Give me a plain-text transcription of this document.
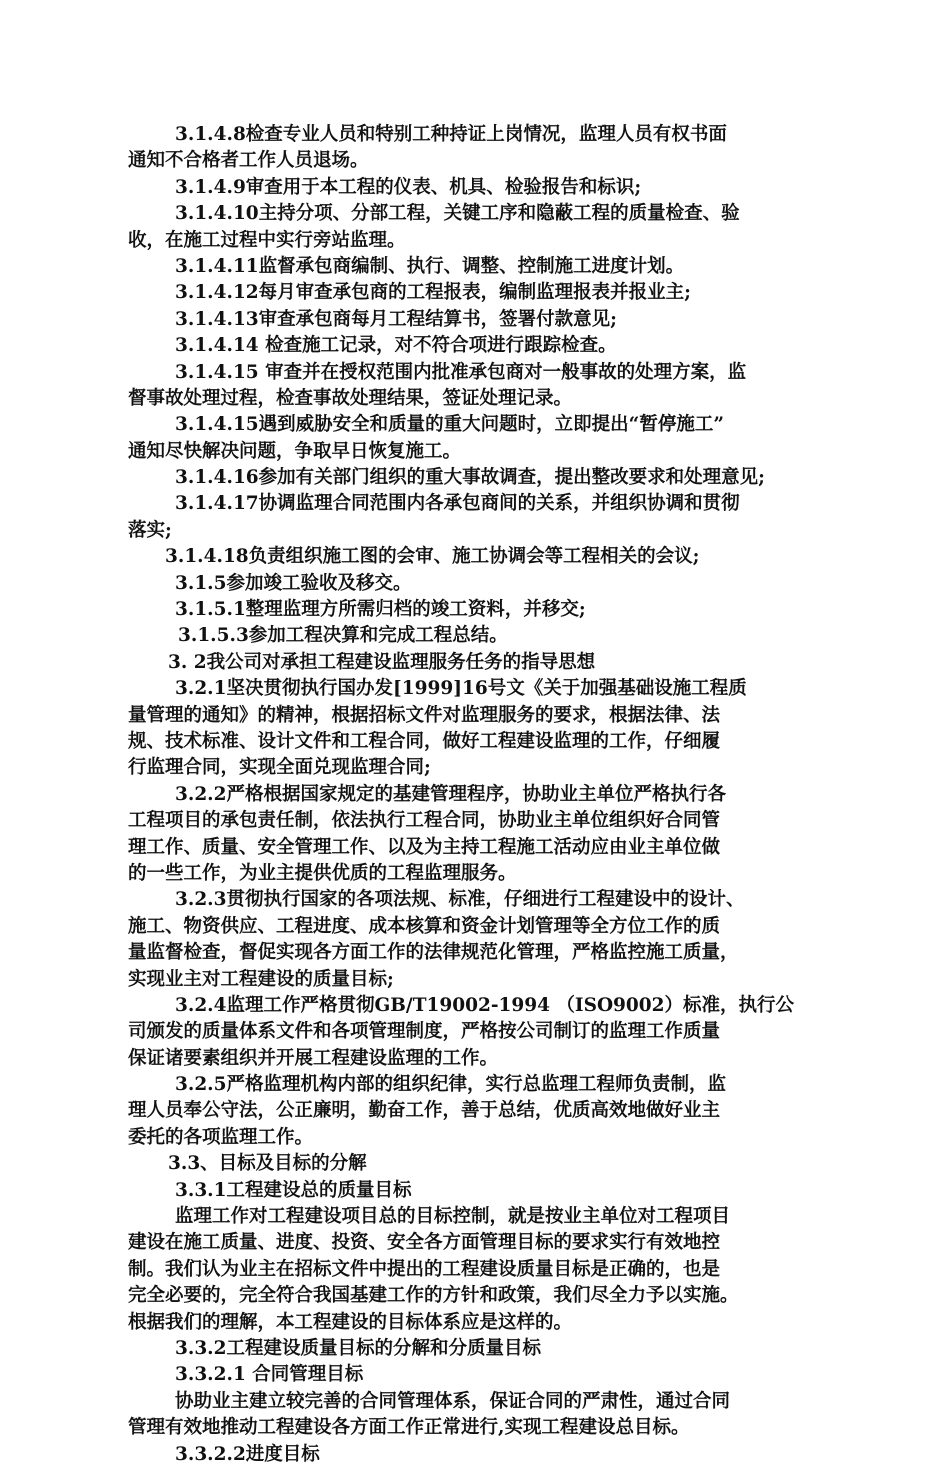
3.1.4.8检查专业人员和特别工种持证上岗情况，监理人员有权书面
通知不合格者工作人员退场。
3.1.4.9审查用于本工程的仪表、机具、检验报告和标识;
3.1.4.10主持分项、分部工程，关键工序和隐蔽工程的质量检查、验
收，在施工过程中实行旁站监理。
3.1.4.11监督承包商编制、执行、调整、控制施工进度计划。
3.1.4.12每月审查承包商的工程报表，编制监理报表并报业主;
3.1.4.13审查承包商每月工程结算书，签署付款意见;
3.1.4.14 检查施工记录，对不符合项进行跟踪检查。
3.1.4.15 审查并在授权范围内批准承包商对一般事故的处理方案，监
督事故处理过程，检查事故处理结果，签证处理记录。
3.1.4.15遇到威胁安全和质量的重大问题时，立即提出“暂停施工”
通知尽快解决问题，争取早日恢复施工。
3.1.4.16参加有关部门组织的重大事故调查，提出整改要求和处理意见;
3.1.4.17协调监理合同范围内各承包商间的关系，并组织协调和贯彻
落实;
3.1.4.18负责组织施工图的会审、施工协调会等工程相关的会议;
3.1.5参加竣工验收及移交。
3.1.5.1整理监理方所需归档的竣工资料，并移交;
3.1.5.3参加工程决算和完成工程总结。
3. 2我公司对承担工程建设监理服务任务的指导思想
3.2.1坚决贯彻执行国办发[1999]16号文《关于加强基础设施工程质
量管理的通知》的精神，根据招标文件对监理服务的要求，根据法律、法
规、技术标准、设计文件和工程合同，做好工程建设监理的工作，仔细履
行监理合同，实现全面兑现监理合同;
3.2.2严格根据国家规定的基建管理程序，协助业主单位严格执行各
工程项目的承包责任制，依法执行工程合同，协助业主单位组织好合同管
理工作、质量、安全管理工作、以及为主持工程施工活动应由业主单位做
的一些工作，为业主提供优质的工程监理服务。
3.2.3贯彻执行国家的各项法规、标准，仔细进行工程建设中的设计、
施工、物资供应、工程进度、成本核算和资金计划管理等全方位工作的质
量监督检查，督促实现各方面工作的法律规范化管理，严格监控施工质量，
实现业主对工程建设的质量目标;
3.2.4监理工作严格贯彻GB/T19002-1994 （ISO9002）标准，执行公
司颁发的质量体系文件和各项管理制度，严格按公司制订的监理工作质量
保证诸要素组织并开展工程建设监理的工作。
3.2.5严格监理机构内部的组织纪律，实行总监理工程师负责制，监
理人员奉公守法，公正廉明，勤奋工作，善于总结，优质高效地做好业主
委托的各项监理工作。
3.3、目标及目标的分解
3.3.1工程建设总的质量目标
监理工作对工程建设项目总的目标控制，就是按业主单位对工程项目
建设在施工质量、进度、投资、安全各方面管理目标的要求实行有效地控
制。我们认为业主在招标文件中提出的工程建设质量目标是正确的，也是
完全必要的，完全符合我国基建工作的方针和政策，我们尽全力予以实施。
根据我们的理解，本工程建设的目标体系应是这样的。
3.3.2工程建设质量目标的分解和分质量目标
3.3.2.1 合同管理目标
协助业主建立较完善的合同管理体系，保证合同的严肃性，通过合同
管理有效地推动工程建设各方面工作正常进行,实现工程建设总目标。
3.3.2.2进度目标
